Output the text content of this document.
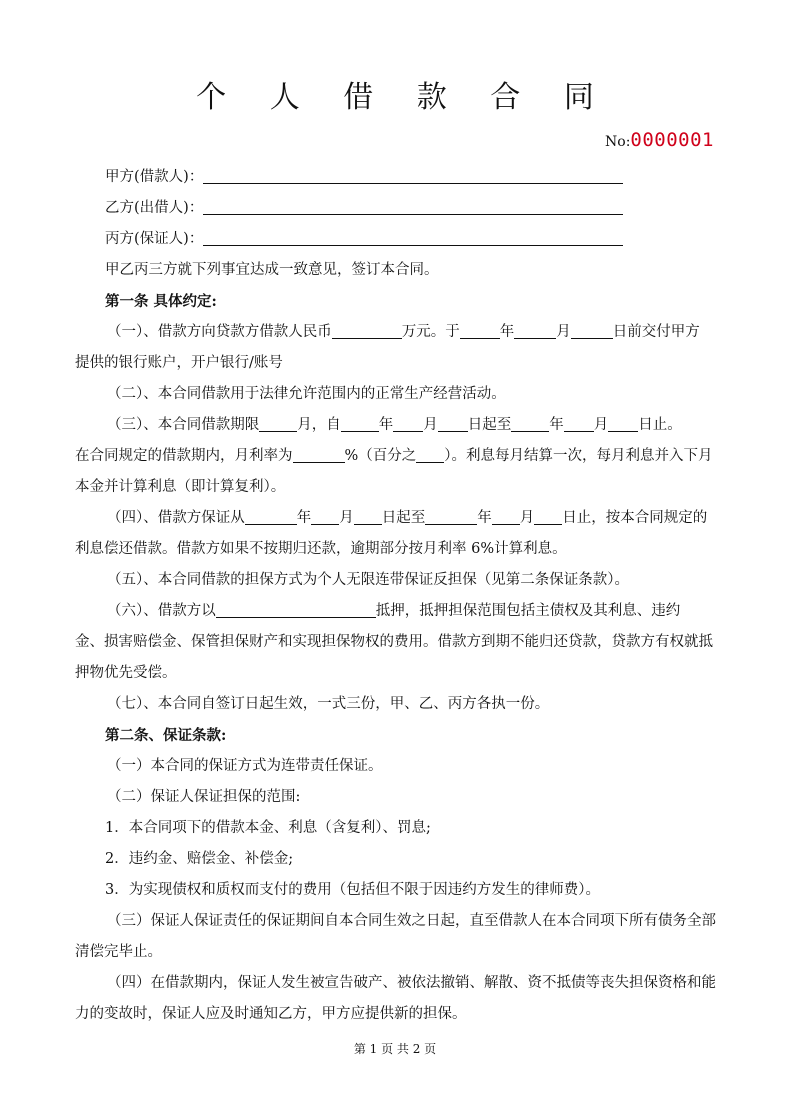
个 人 借 款 合 同
No:0000001
甲方(借款人)：
乙方(出借人)：
丙方(保证人)：
甲乙丙三方就下列事宜达成一致意见，签订本合同。
第一条 具体约定:
（一）、借款方向贷款方借款人民币	万元。于	年	月	日前交付甲方
提供的银行账户，开户银行/账号
（二）、本合同借款用于法律允许范围内的正常生产经营活动。
（三）、本合同借款期限	月，自	年 月 日起至	年 月 日止。
在合同规定的借款期内，月利率为	%（百分之 ）。利息每月结算一次，每月利息并入下月
本金并计算利息（即计算复利）。
（四）、借款方保证从	年 月 日起至	年 月 日止，按本合同规定的
利息偿还借款。借款方如果不按期归还款，逾期部分按月利率 6%计算利息。
（五）、本合同借款的担保方式为个人无限连带保证反担保（见第二条保证条款）。
（六）、借款方以	抵押，抵押担保范围包括主债权及其利息、违约
金、损害赔偿金、保管担保财产和实现担保物权的费用。借款方到期不能归还贷款，贷款方有权就抵
押物优先受偿。
（七）、本合同自签订日起生效，一式三份，甲、乙、丙方各执一份。
第二条、保证条款:
（一）本合同的保证方式为连带责任保证。
（二）保证人保证担保的范围:
1．本合同项下的借款本金、利息（含复利）、罚息;
2．违约金、赔偿金、补偿金;
3．为实现债权和质权而支付的费用（包括但不限于因违约方发生的律师费）。
（三）保证人保证责任的保证期间自本合同生效之日起，直至借款人在本合同项下所有债务全部
清偿完毕止。
（四）在借款期内，保证人发生被宣告破产、被依法撤销、解散、资不抵债等丧失担保资格和能
力的变故时，保证人应及时通知乙方，甲方应提供新的担保。
第 1 页 共 2 页
